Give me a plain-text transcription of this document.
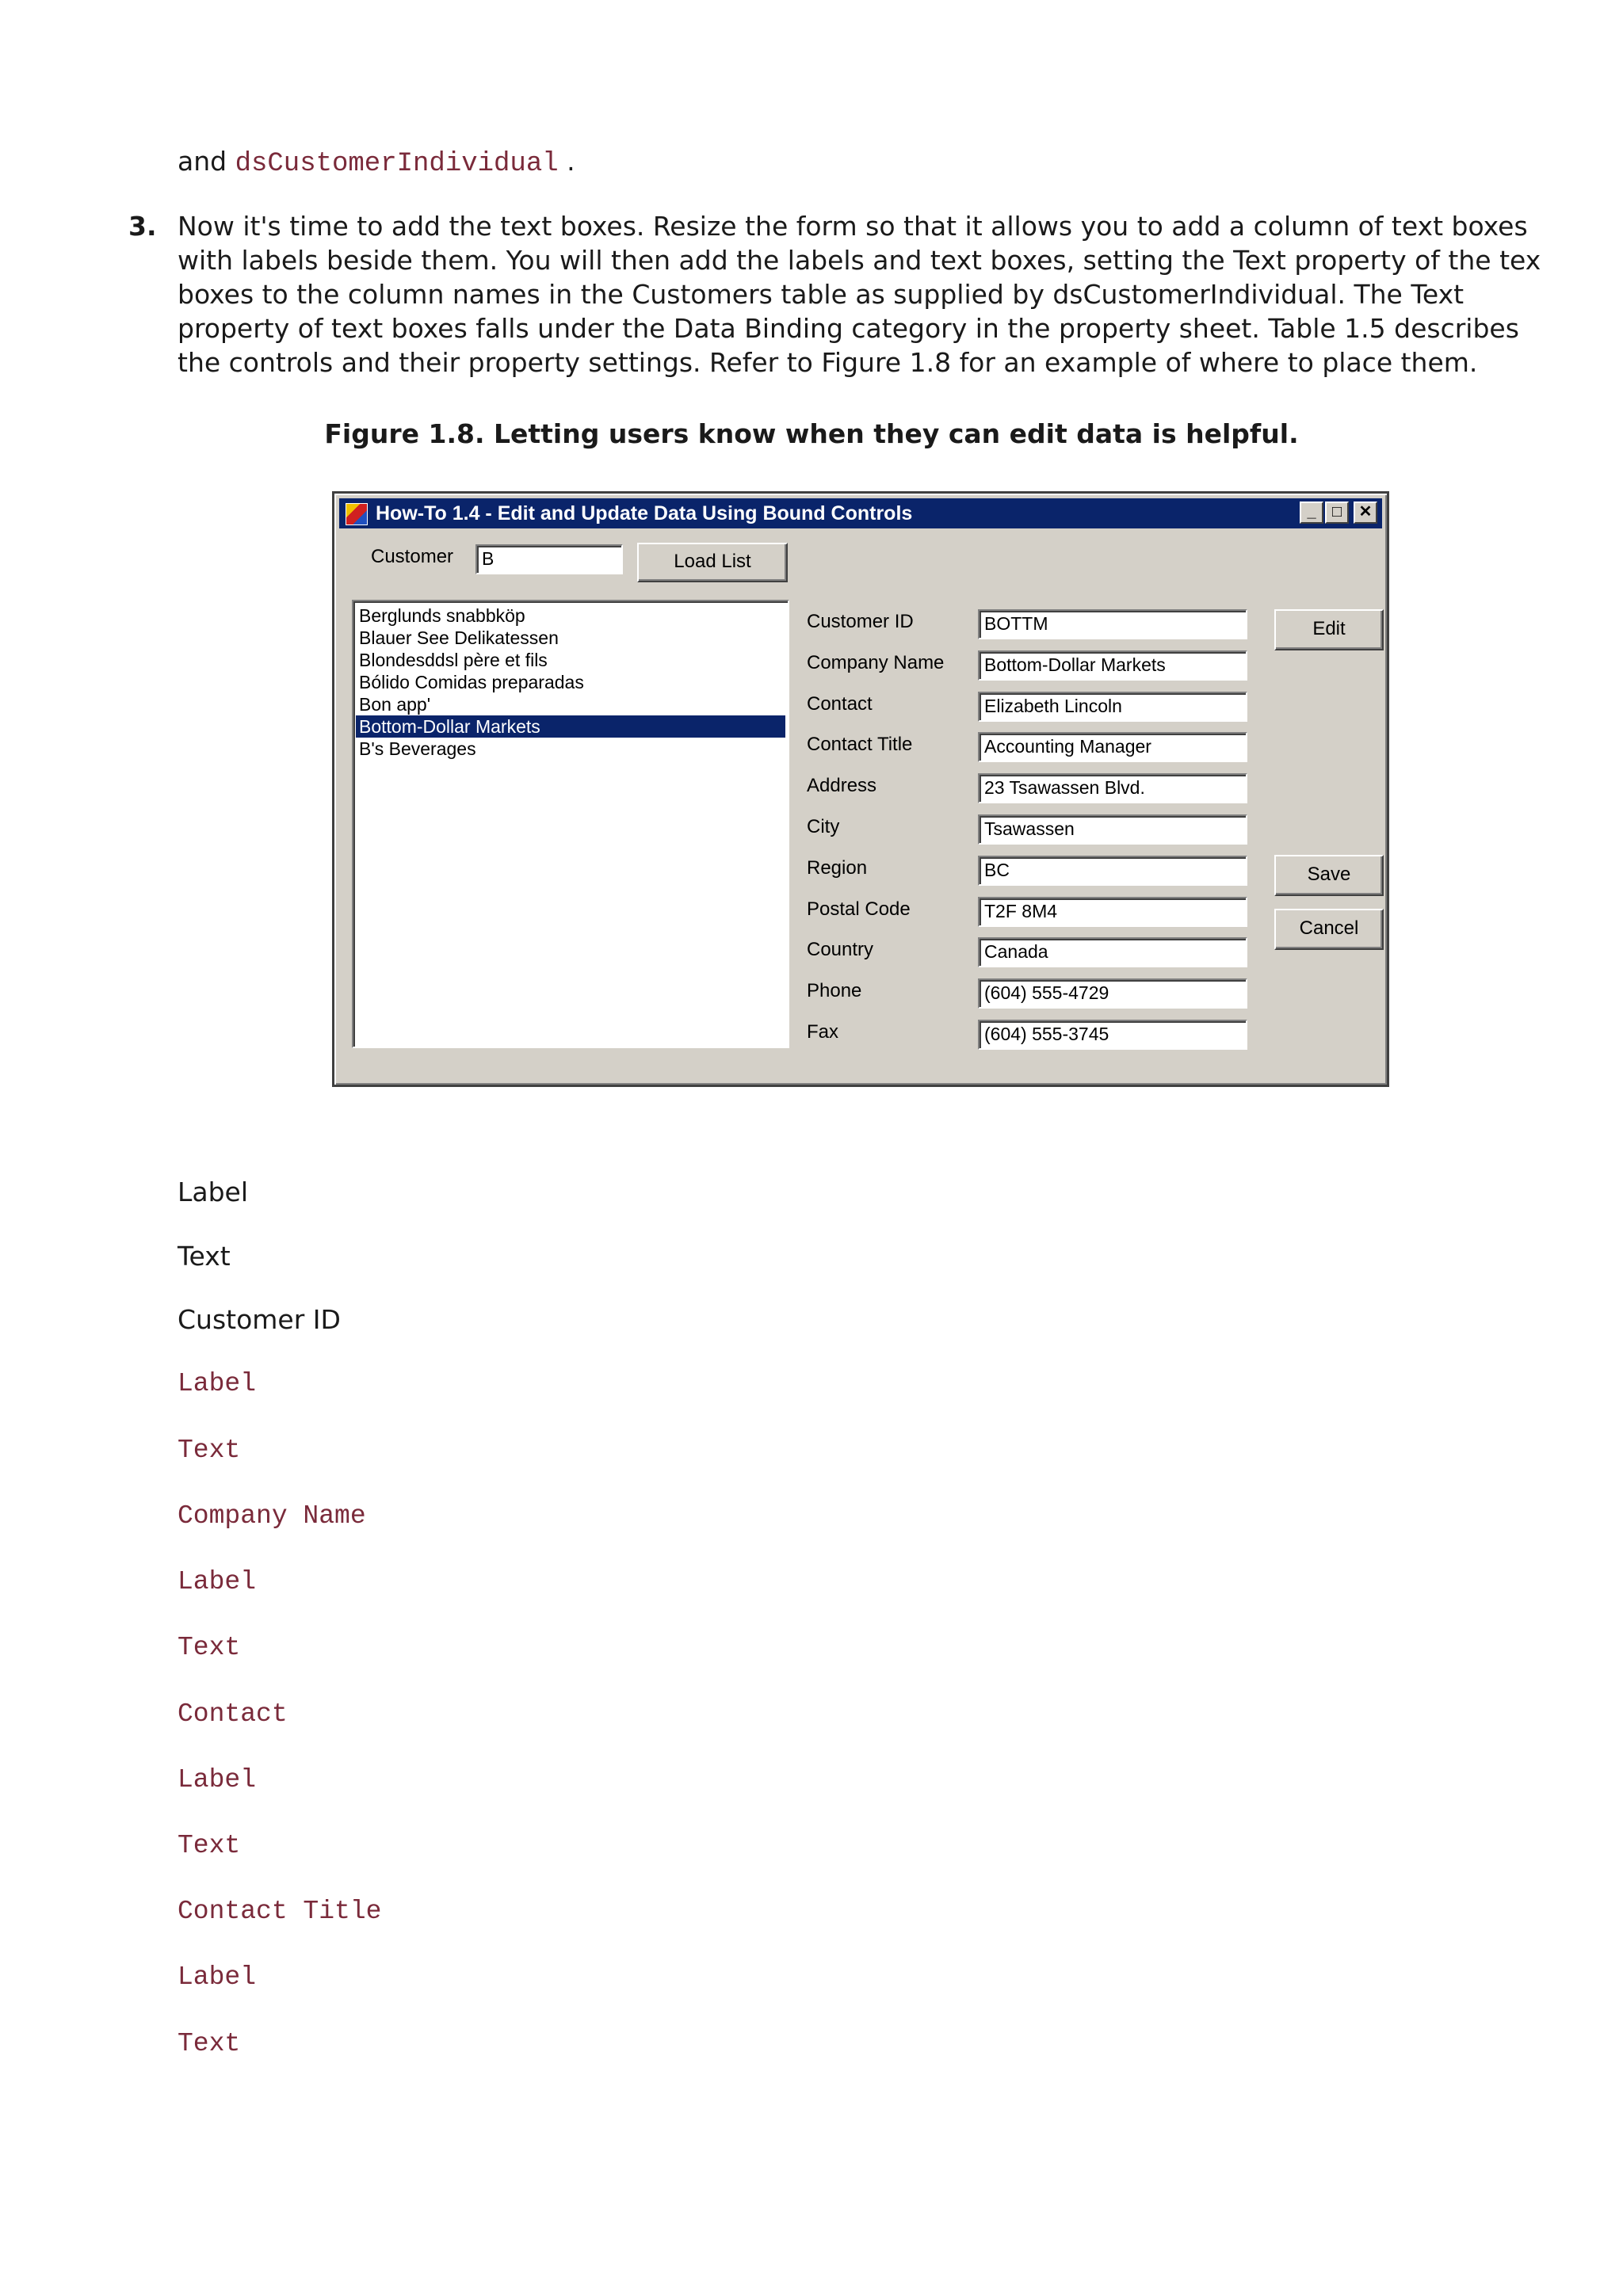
and dsCustomerIndividual .
3. Now it's time to add the text boxes. Resize the form so that it allows you to add a column of text boxes with labels beside them. You will then add the labels and text boxes, setting the Text property of the tex boxes to the column names in the Customers table as supplied by dsCustomerIndividual. The Text property of text boxes falls under the Data Binding category in the property sheet. Table 1.5 describes the controls and their property settings. Refer to Figure 1.8 for an example of where to place them.
Figure 1.8. Letting users know when they can edit data is helpful.
How-To 1.4 - Edit and Update Data Using Bound Controls	_	□	✕
Customer	B	Load List
Berglunds snabbköp
Blauer See Delikatessen
Blondesddsl père et fils
Bólido Comidas preparadas
Bon app'
Bottom-Dollar Markets
B's Beverages
Customer ID	BOTTM
Company Name	Bottom-Dollar Markets
Contact	Elizabeth Lincoln
Contact Title	Accounting Manager
Address	23 Tsawassen Blvd.
City	Tsawassen
Region	BC
Postal Code	T2F 8M4
Country	Canada
Phone	(604) 555-4729
Fax	(604) 555-3745
Edit
Save
Cancel
Label
Text
Customer ID
Label
Text
Company Name
Label
Text
Contact
Label
Text
Contact Title
Label
Text
